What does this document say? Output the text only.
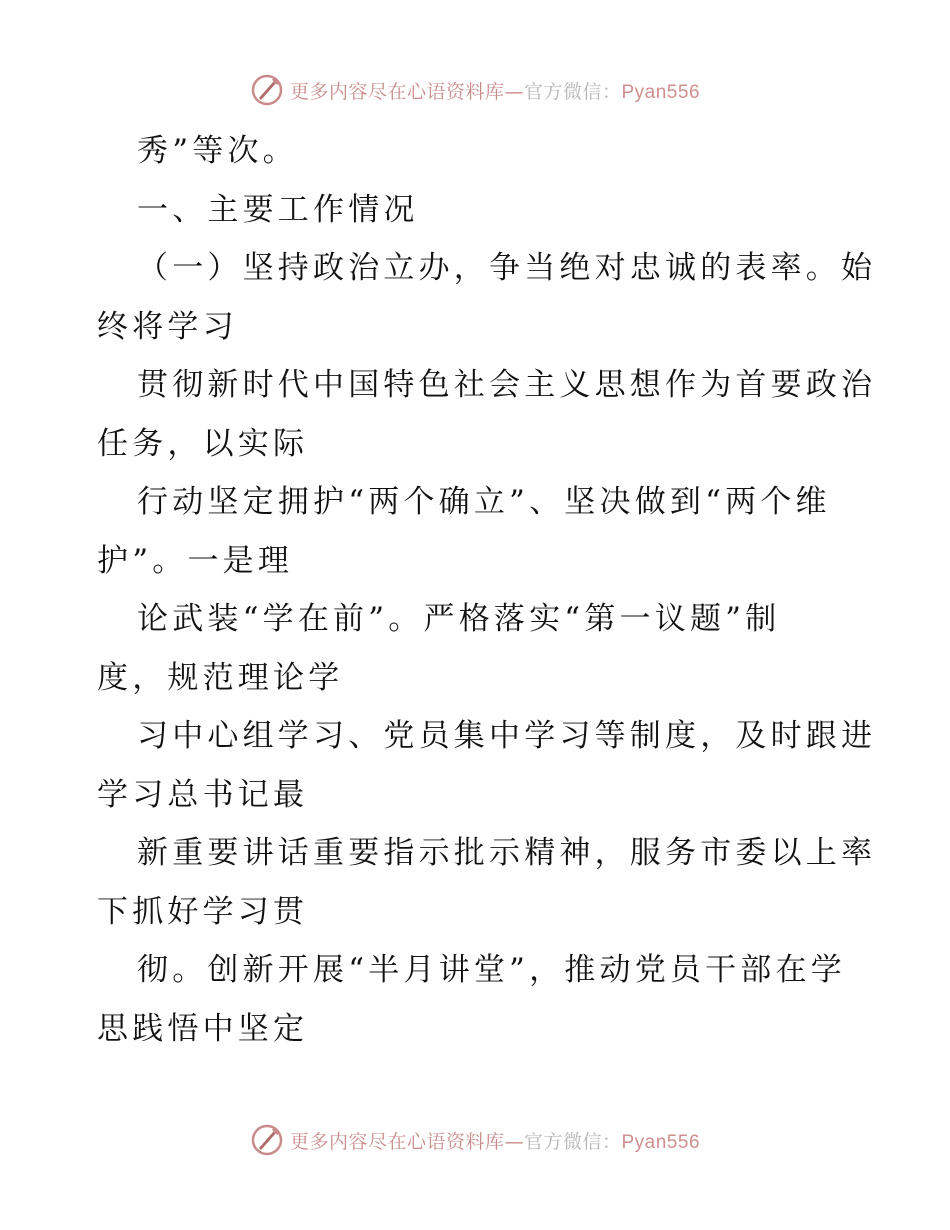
更多内容尽在心语资料库—官方微信：Pyan556
秀”等次。
一、主要工作情况
（一）坚持政治立办，争当绝对忠诚的表率。始
终将学习
贯彻新时代中国特色社会主义思想作为首要政治
任务，以实际
行动坚定拥护“两个确立”、坚决做到“两个维
护”。一是理
论武装“学在前”。严格落实“第一议题”制
度，规范理论学
习中心组学习、党员集中学习等制度，及时跟进
学习总书记最
新重要讲话重要指示批示精神，服务市委以上率
下抓好学习贯
彻。创新开展“半月讲堂”，推动党员干部在学
思践悟中坚定
更多内容尽在心语资料库—官方微信：Pyan556
